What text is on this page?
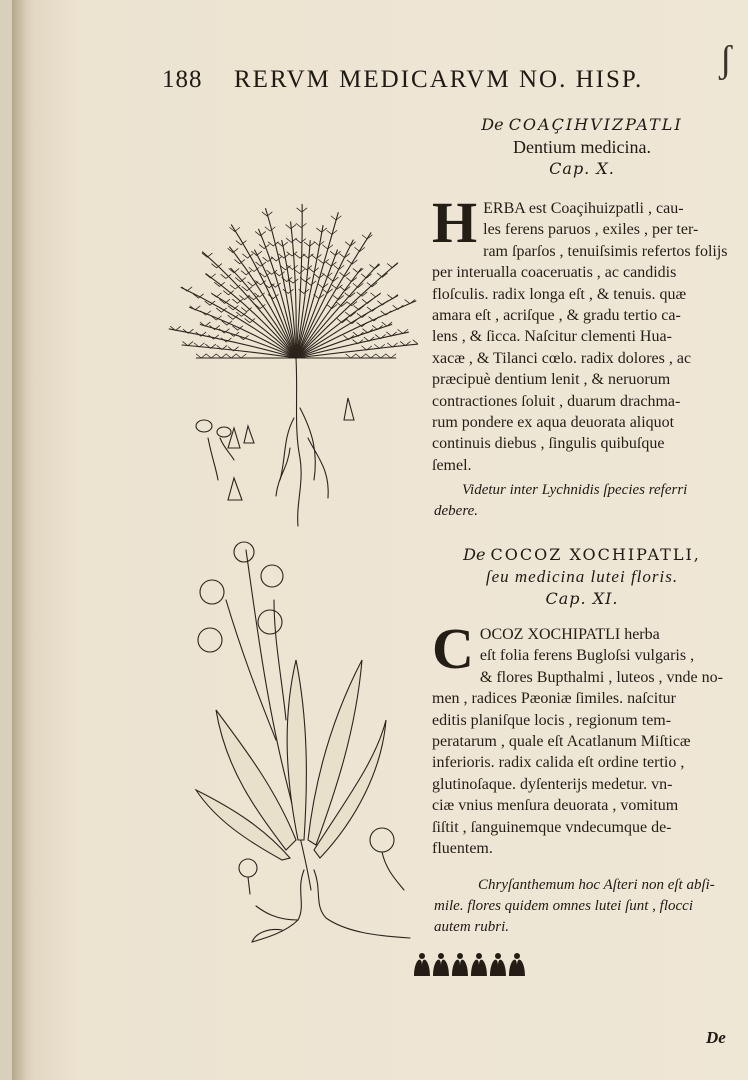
188 RERVM MEDICARVM NO. HISP. ʃ
De COAÇIHVIZPATLI
Dentium medicina.
Cap. X.
H ERBA est Coaçihuizpatli , cau-
les ferens paruos , exiles , per ter-
ram ſparſos , tenuiſsimis refertos folijs
per interualla coaceruatis , ac candidis
floſculis. radix longa eſt , & tenuis. quæ
amara eſt , acriſque , & gradu tertio ca-
lens , & ſicca. Naſcitur clementi Hua-
xacæ , & Tilanci cœlo. radix dolores , ac
præcipuè dentium lenit , & neruorum
contractiones ſoluit , duarum drachma-
rum pondere ex aqua deuorata aliquot
continuis diebus , ſingulis quibuſque
ſemel.
Videtur inter Lychnidis ſpecies referri
debere.
De COCOZ XOCHIPATLI,
ſeu medicina lutei floris.
Cap. XI.
C OCOZ XOCHIPATLI herba
eſt folia ferens Bugloſsi vulgaris ,
& flores Bupthalmi , luteos , vnde no-
men , radices Pæoniæ ſimiles. naſcitur
editis planiſque locis , regionum tem-
peratarum , quale eſt Acatlanum Miſticæ
inferioris. radix calida eſt ordine tertio ,
glutinoſaque. dyſenterijs medetur. vn-
ciæ vnius menſura deuorata , vomitum
ſiſtit , ſanguinemque vndecumque de-
fluentem.
Chryſanthemum hoc Aſteri non eſt abſi-
mile. flores quidem omnes lutei ſunt , flocci
autem rubri.
De
